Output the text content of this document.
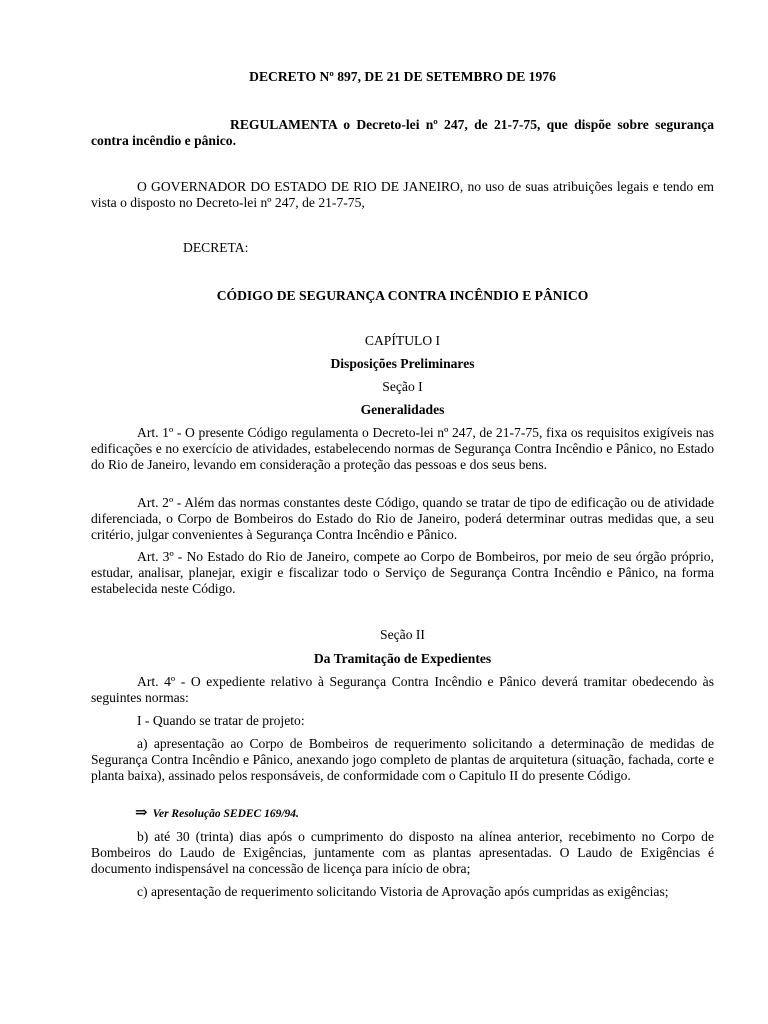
DECRETO Nº 897, DE 21 DE SETEMBRO DE 1976

REGULAMENTA o Decreto-lei nº 247, de 21-7-75, que dispõe sobre segurança contra incêndio e pânico.

O GOVERNADOR DO ESTADO DE RIO DE JANEIRO, no uso de suas atribuições legais e tendo em vista o disposto no Decreto-lei nº 247, de 21-7-75,

DECRETA:

CÓDIGO DE SEGURANÇA CONTRA INCÊNDIO E PÂNICO

CAPÍTULO I

Disposições Preliminares

Seção I

Generalidades

Art. 1º - O presente Código regulamenta o Decreto-lei nº 247, de 21-7-75, fixa os requisitos exigíveis nas edificações e no exercício de atividades, estabelecendo normas de Segurança Contra Incêndio e Pânico, no Estado do Rio de Janeiro, levando em consideração a proteção das pessoas e dos seus bens.

Art. 2º - Além das normas constantes deste Código, quando se tratar de tipo de edificação ou de atividade diferenciada, o Corpo de Bombeiros do Estado do Rio de Janeiro, poderá determinar outras medidas que, a seu critério, julgar convenientes à Segurança Contra Incêndio e Pânico.

Art. 3º - No Estado do Rio de Janeiro, compete ao Corpo de Bombeiros, por meio de seu órgão próprio, estudar, analisar, planejar, exigir e fiscalizar todo o Serviço de Segurança Contra Incêndio e Pânico, na forma estabelecida neste Código.

Seção II

Da Tramitação de Expedientes

Art. 4º - O expediente relativo à Segurança Contra Incêndio e Pânico deverá tramitar obedecendo às seguintes normas:

I - Quando se tratar de projeto:

a) apresentação ao Corpo de Bombeiros de requerimento solicitando a determinação de medidas de Segurança Contra Incêndio e Pânico, anexando jogo completo de plantas de arquitetura (situação, fachada, corte e planta baixa), assinado pelos responsáveis, de conformidade com o Capitulo II do presente Código.

⇒ Ver Resolução SEDEC 169/94.

b) até 30 (trinta) dias após o cumprimento do disposto na alínea anterior, recebimento no Corpo de Bombeiros do Laudo de Exigências, juntamente com as plantas apresentadas. O Laudo de Exigências é documento indispensável na concessão de licença para início de obra;

c) apresentação de requerimento solicitando Vistoria de Aprovação após cumpridas as exigências;
